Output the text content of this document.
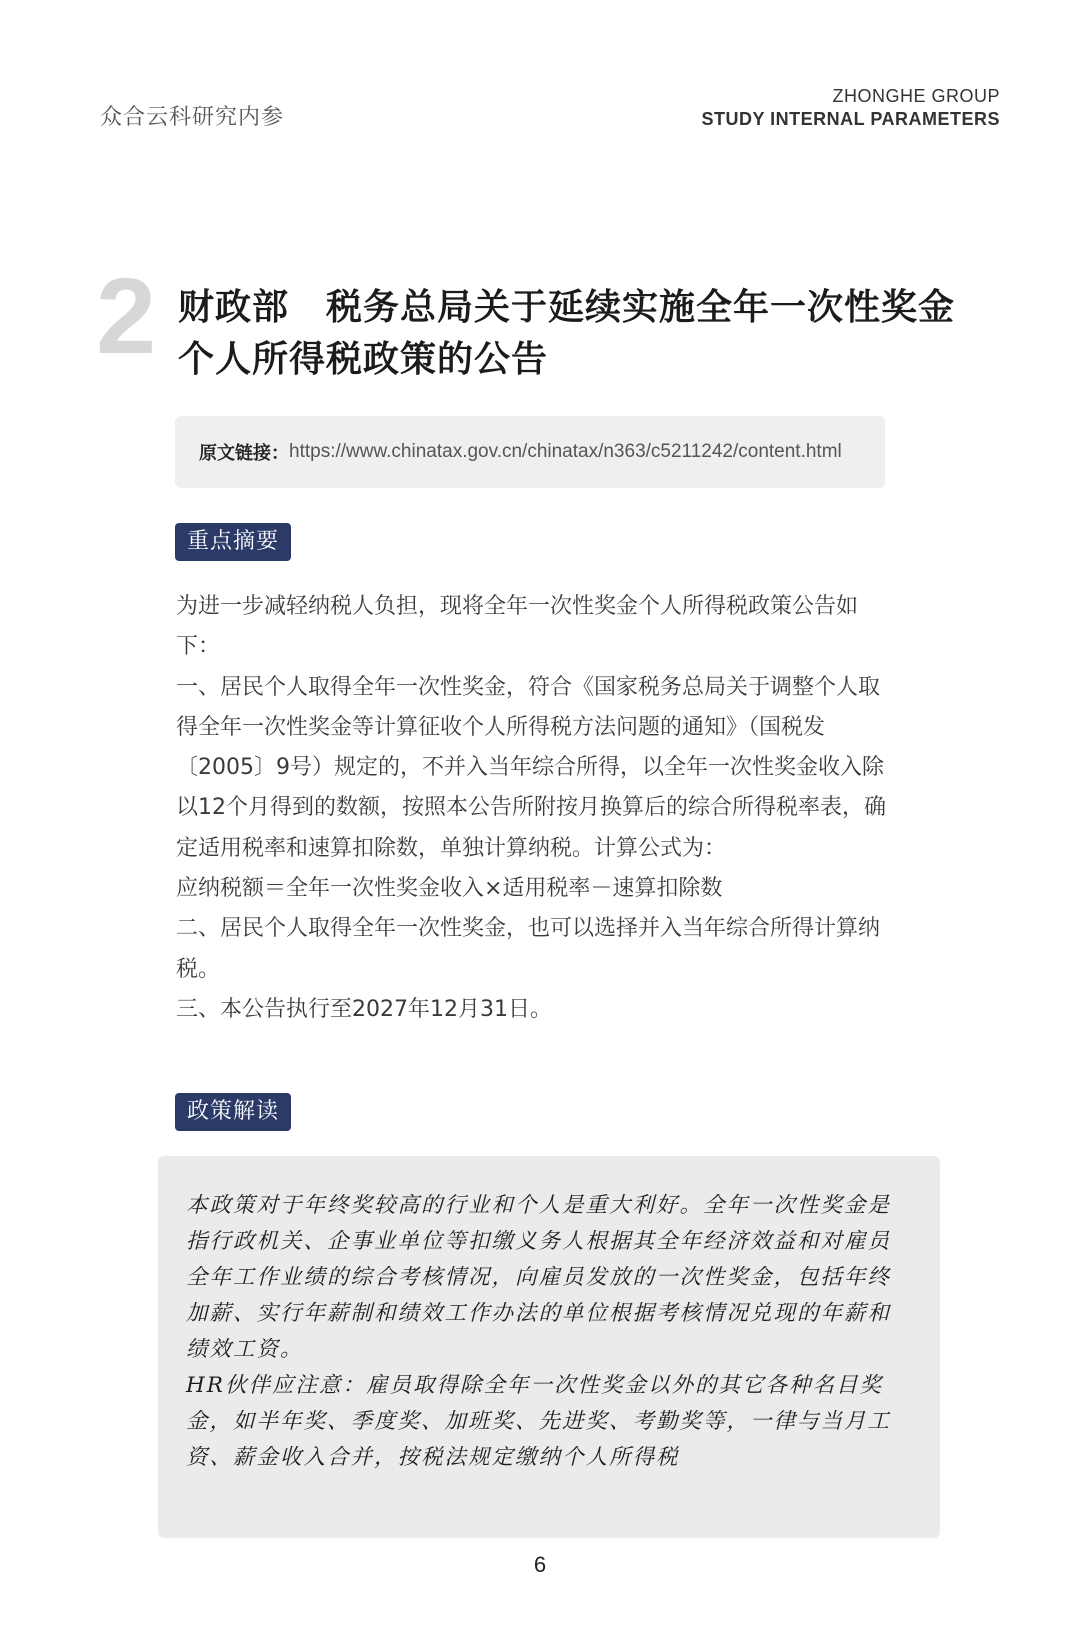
众合云科研究内参
ZHONGHE GROUP
STUDY INTERNAL PARAMETERS
2 财政部　税务总局关于延续实施全年一次性奖金个人所得税政策的公告
原文链接： https://www.chinatax.gov.cn/chinatax/n363/c5211242/content.html
重点摘要

为进一步减轻纳税人负担，现将全年一次性奖金个人所得税政策公告如下：

一、居民个人取得全年一次性奖金，符合《国家税务总局关于调整个人取得全年一次性奖金等计算征收个人所得税方法问题的通知》（国税发〔2005〕9号）规定的，不并入当年综合所得，以全年一次性奖金收入除以12个月得到的数额，按照本公告所附按月换算后的综合所得税率表，确定适用税率和速算扣除数，单独计算纳税。计算公式为：

应纳税额＝全年一次性奖金收入×适用税率－速算扣除数

二、居民个人取得全年一次性奖金，也可以选择并入当年综合所得计算纳税。

三、本公告执行至2027年12月31日。

政策解读

本政策对于年终奖较高的行业和个人是重大利好。全年一次性奖金是指行政机关、企事业单位等扣缴义务人根据其全年经济效益和对雇员全年工作业绩的综合考核情况，向雇员发放的一次性奖金，包括年终加薪、实行年薪制和绩效工作办法的单位根据考核情况兑现的年薪和绩效工资。

HR伙伴应注意：雇员取得除全年一次性奖金以外的其它各种名目奖金，如半年奖、季度奖、加班奖、先进奖、考勤奖等，一律与当月工资、薪金收入合并，按税法规定缴纳个人所得税

6
